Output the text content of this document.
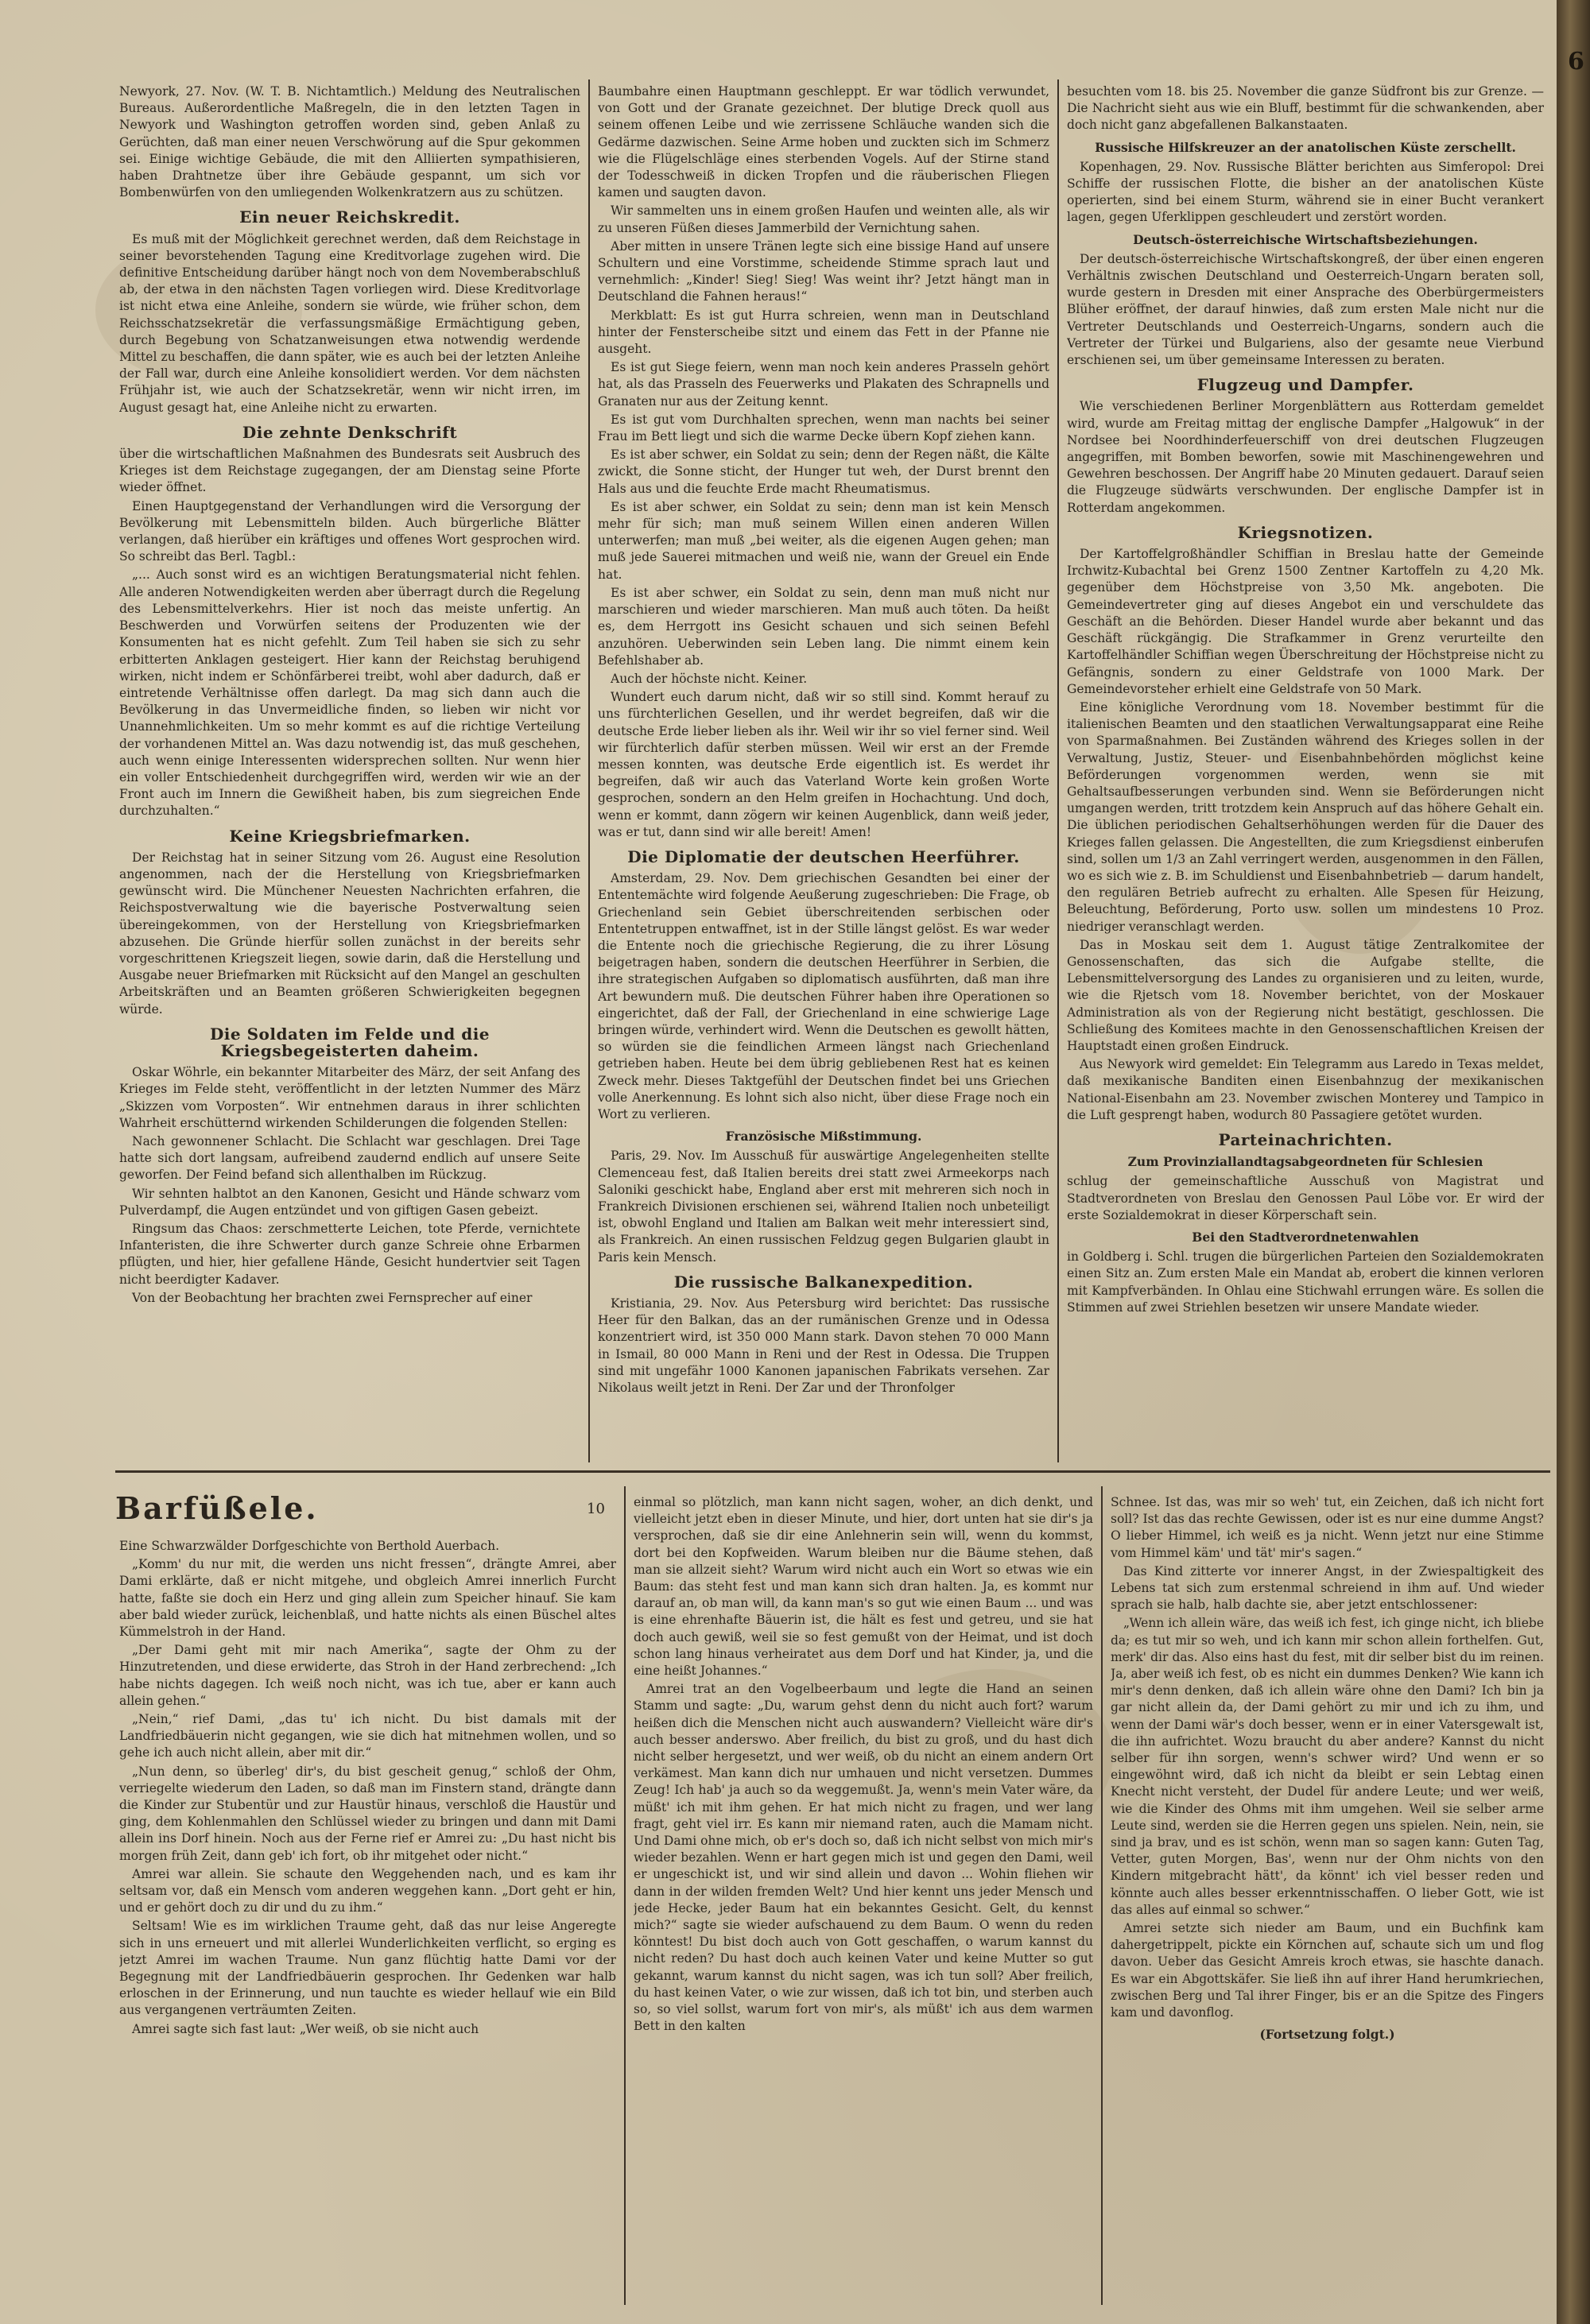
Newyork, 27. Nov. (W. T. B. Nichtamtlich.) Meldung des Neutralischen Bureaus. Außerordentliche Maßregeln, die in den letzten Tagen in Newyork und Washington getroffen worden sind, geben Anlaß zu Gerüchten, daß man einer neuen Verschwörung auf die Spur gekommen sei. Einige wichtige Gebäude, die mit den Alliierten sympathisieren, haben Drahtnetze über ihre Gebäude gespannt, um sich vor Bombenwürfen von den umliegenden Wolkenkratzern aus zu schützen.

Ein neuer Reichskredit.

Es muß mit der Möglichkeit gerechnet werden, daß dem Reichstage in seiner bevorstehenden Tagung eine Kreditvorlage zugehen wird. Die definitive Entscheidung darüber hängt noch von dem Novemberabschluß ab, der etwa in den nächsten Tagen vorliegen wird. Diese Kreditvorlage ist nicht etwa eine Anleihe, sondern sie würde, wie früher schon, dem Reichsschatzsekretär die verfassungsmäßige Ermächtigung geben, durch Begebung von Schatzanweisungen etwa notwendig werdende Mittel zu beschaffen, die dann später, wie es auch bei der letzten Anleihe der Fall war, durch eine Anleihe konsolidiert werden. Vor dem nächsten Frühjahr ist, wie auch der Schatzsekretär, wenn wir nicht irren, im August gesagt hat, eine Anleihe nicht zu erwarten.

Die zehnte Denkschrift

über die wirtschaftlichen Maßnahmen des Bundesrats seit Ausbruch des Krieges ist dem Reichstage zugegangen, der am Dienstag seine Pforte wieder öffnet.

Einen Hauptgegenstand der Verhandlungen wird die Versorgung der Bevölkerung mit Lebensmitteln bilden. Auch bürgerliche Blätter verlangen, daß hierüber ein kräftiges und offenes Wort gesprochen wird. So schreibt das Berl. Tagbl.:

„... Auch sonst wird es an wichtigen Beratungsmaterial nicht fehlen. Alle anderen Notwendigkeiten werden aber überragt durch die Regelung des Lebensmittelverkehrs. Hier ist noch das meiste unfertig. An Beschwerden und Vorwürfen seitens der Produzenten wie der Konsumenten hat es nicht gefehlt. Zum Teil haben sie sich zu sehr erbitterten Anklagen gesteigert. Hier kann der Reichstag beruhigend wirken, nicht indem er Schönfärberei treibt, wohl aber dadurch, daß er eintretende Verhältnisse offen darlegt. Da mag sich dann auch die Bevölkerung in das Unvermeidliche finden, so lieben wir nicht vor Unannehmlichkeiten. Um so mehr kommt es auf die richtige Verteilung der vorhandenen Mittel an. Was dazu notwendig ist, das muß geschehen, auch wenn einige Interessenten widersprechen sollten. Nur wenn hier ein voller Entschiedenheit durchgegriffen wird, werden wir wie an der Front auch im Innern die Gewißheit haben, bis zum siegreichen Ende durchzuhalten.“

Keine Kriegsbriefmarken.

Der Reichstag hat in seiner Sitzung vom 26. August eine Resolution angenommen, nach der die Herstellung von Kriegsbriefmarken gewünscht wird. Die Münchener Neuesten Nachrichten erfahren, die Reichspostverwaltung wie die bayerische Postverwaltung seien übereingekommen, von der Herstellung von Kriegsbriefmarken abzusehen. Die Gründe hierfür sollen zunächst in der bereits sehr vorgeschrittenen Kriegszeit liegen, sowie darin, daß die Herstellung und Ausgabe neuer Briefmarken mit Rücksicht auf den Mangel an geschulten Arbeitskräften und an Beamten größeren Schwierigkeiten begegnen würde.

Die Soldaten im Felde und die Kriegsbegeisterten daheim.

Oskar Wöhrle, ein bekannter Mitarbeiter des März, der seit Anfang des Krieges im Felde steht, veröffentlicht in der letzten Nummer des März „Skizzen vom Vorposten“. Wir entnehmen daraus in ihrer schlichten Wahrheit erschütternd wirkenden Schilderungen die folgenden Stellen:

Nach gewonnener Schlacht. Die Schlacht war geschlagen. Drei Tage hatte sich dort langsam, aufreibend zaudernd endlich auf unsere Seite geworfen. Der Feind befand sich allenthalben im Rückzug.

Wir sehnten halbtot an den Kanonen, Gesicht und Hände schwarz vom Pulverdampf, die Augen entzündet und von giftigen Gasen gebeizt.

Ringsum das Chaos: zerschmetterte Leichen, tote Pferde, vernichtete Infanteristen, die ihre Schwerter durch ganze Schreie ohne Erbarmen pflügten, und hier, hier gefallene Hände, Gesicht hundertvier seit Tagen nicht beerdigter Kadaver.

Von der Beobachtung her brachten zwei Fernsprecher auf einer

Baumbahre einen Hauptmann geschleppt. Er war tödlich verwundet, von Gott und der Granate gezeichnet. Der blutige Dreck quoll aus seinem offenen Leibe und wie zerrissene Schläuche wanden sich die Gedärme dazwischen. Seine Arme hoben und zuckten sich im Schmerz wie die Flügelschläge eines sterbenden Vogels. Auf der Stirne stand der Todesschweiß in dicken Tropfen und die räuberischen Fliegen kamen und saugten davon.

Wir sammelten uns in einem großen Haufen und weinten alle, als wir zu unseren Füßen dieses Jammerbild der Vernichtung sahen.

Aber mitten in unsere Tränen legte sich eine bissige Hand auf unsere Schultern und eine Vorstimme, scheidende Stimme sprach laut und vernehmlich: „Kinder! Sieg! Sieg! Was weint ihr? Jetzt hängt man in Deutschland die Fahnen heraus!“

Merkblatt: Es ist gut Hurra schreien, wenn man in Deutschland hinter der Fensterscheibe sitzt und einem das Fett in der Pfanne nie ausgeht.

Es ist gut Siege feiern, wenn man noch kein anderes Prasseln gehört hat, als das Prasseln des Feuerwerks und Plakaten des Schrapnells und Granaten nur aus der Zeitung kennt.

Es ist gut vom Durchhalten sprechen, wenn man nachts bei seiner Frau im Bett liegt und sich die warme Decke übern Kopf ziehen kann.

Es ist aber schwer, ein Soldat zu sein; denn der Regen näßt, die Kälte zwickt, die Sonne sticht, der Hunger tut weh, der Durst brennt den Hals aus und die feuchte Erde macht Rheumatismus.

Es ist aber schwer, ein Soldat zu sein; denn man ist kein Mensch mehr für sich; man muß seinem Willen einen anderen Willen unterwerfen; man muß „bei weiter, als die eigenen Augen gehen; man muß jede Sauerei mitmachen und weiß nie, wann der Greuel ein Ende hat.

Es ist aber schwer, ein Soldat zu sein, denn man muß nicht nur marschieren und wieder marschieren. Man muß auch töten. Da heißt es, dem Herrgott ins Gesicht schauen und sich seinen Befehl anzuhören. Ueberwinden sein Leben lang. Die nimmt einem kein Befehlshaber ab.

Auch der höchste nicht. Keiner.

Wundert euch darum nicht, daß wir so still sind. Kommt herauf zu uns fürchterlichen Gesellen, und ihr werdet begreifen, daß wir die deutsche Erde lieber lieben als ihr. Weil wir ihr so viel ferner sind. Weil wir fürchterlich dafür sterben müssen. Weil wir erst an der Fremde messen konnten, was deutsche Erde eigentlich ist. Es werdet ihr begreifen, daß wir auch das Vaterland Worte kein großen Worte gesprochen, sondern an den Helm greifen in Hochachtung. Und doch, wenn er kommt, dann zögern wir keinen Augenblick, dann weiß jeder, was er tut, dann sind wir alle bereit! Amen!

Die Diplomatie der deutschen Heerführer.

Amsterdam, 29. Nov. Dem griechischen Gesandten bei einer der Ententemächte wird folgende Aeußerung zugeschrieben: Die Frage, ob Griechenland sein Gebiet überschreitenden serbischen oder Ententetruppen entwaffnet, ist in der Stille längst gelöst. Es war weder die Entente noch die griechische Regierung, die zu ihrer Lösung beigetragen haben, sondern die deutschen Heerführer in Serbien, die ihre strategischen Aufgaben so diplomatisch ausführten, daß man ihre Art bewundern muß. Die deutschen Führer haben ihre Operationen so eingerichtet, daß der Fall, der Griechenland in eine schwierige Lage bringen würde, verhindert wird. Wenn die Deutschen es gewollt hätten, so würden sie die feindlichen Armeen längst nach Griechenland getrieben haben. Heute bei dem übrig gebliebenen Rest hat es keinen Zweck mehr. Dieses Taktgefühl der Deutschen findet bei uns Griechen volle Anerkennung. Es lohnt sich also nicht, über diese Frage noch ein Wort zu verlieren.

Französische Mißstimmung.

Paris, 29. Nov. Im Ausschuß für auswärtige Angelegenheiten stellte Clemenceau fest, daß Italien bereits drei statt zwei Armeekorps nach Saloniki geschickt habe, England aber erst mit mehreren sich noch in Frankreich Divisionen erschienen sei, während Italien noch unbeteiligt ist, obwohl England und Italien am Balkan weit mehr interessiert sind, als Frankreich. An einen russischen Feldzug gegen Bulgarien glaubt in Paris kein Mensch.

Die russische Balkanexpedition.

Kristiania, 29. Nov. Aus Petersburg wird berichtet: Das russische Heer für den Balkan, das an der rumänischen Grenze und in Odessa konzentriert wird, ist 350 000 Mann stark. Davon stehen 70 000 Mann in Ismail, 80 000 Mann in Reni und der Rest in Odessa. Die Truppen sind mit ungefähr 1000 Kanonen japanischen Fabrikats versehen. Zar Nikolaus weilt jetzt in Reni. Der Zar und der Thronfolger

besuchten vom 18. bis 25. November die ganze Südfront bis zur Grenze. — Die Nachricht sieht aus wie ein Bluff, bestimmt für die schwankenden, aber doch nicht ganz abgefallenen Balkanstaaten.

Russische Hilfskreuzer an der anatolischen Küste zerschellt.

Kopenhagen, 29. Nov. Russische Blätter berichten aus Simferopol: Drei Schiffe der russischen Flotte, die bisher an der anatolischen Küste operierten, sind bei einem Sturm, während sie in einer Bucht verankert lagen, gegen Uferklippen geschleudert und zerstört worden.

Deutsch-österreichische Wirtschaftsbeziehungen.

Der deutsch-österreichische Wirtschaftskongreß, der über einen engeren Verhältnis zwischen Deutschland und Oesterreich-Ungarn beraten soll, wurde gestern in Dresden mit einer Ansprache des Oberbürgermeisters Blüher eröffnet, der darauf hinwies, daß zum ersten Male nicht nur die Vertreter Deutschlands und Oesterreich-Ungarns, sondern auch die Vertreter der Türkei und Bulgariens, also der gesamte neue Vierbund erschienen sei, um über gemeinsame Interessen zu beraten.

Flugzeug und Dampfer.

Wie verschiedenen Berliner Morgenblättern aus Rotterdam gemeldet wird, wurde am Freitag mittag der englische Dampfer „Halgowuk“ in der Nordsee bei Noordhinderfeuerschiff von drei deutschen Flugzeugen angegriffen, mit Bomben beworfen, sowie mit Maschinengewehren und Gewehren beschossen. Der Angriff habe 20 Minuten gedauert. Darauf seien die Flugzeuge südwärts verschwunden. Der englische Dampfer ist in Rotterdam angekommen.

Kriegsnotizen.

Der Kartoffelgroßhändler Schiffian in Breslau hatte der Gemeinde Irchwitz-Kubachtal bei Grenz 1500 Zentner Kartoffeln zu 4,20 Mk. gegenüber dem Höchstpreise von 3,50 Mk. angeboten. Die Gemeindevertreter ging auf dieses Angebot ein und verschuldete das Geschäft an die Behörden. Dieser Handel wurde aber bekannt und das Geschäft rückgängig. Die Strafkammer in Grenz verurteilte den Kartoffelhändler Schiffian wegen Überschreitung der Höchstpreise nicht zu Gefängnis, sondern zu einer Geldstrafe von 1000 Mark. Der Gemeindevorsteher erhielt eine Geldstrafe von 50 Mark.

Eine königliche Verordnung vom 18. November bestimmt für die italienischen Beamten und den staatlichen Verwaltungsapparat eine Reihe von Sparmaßnahmen. Bei Zuständen während des Krieges sollen in der Verwaltung, Justiz, Steuer- und Eisenbahnbehörden möglichst keine Beförderungen vorgenommen werden, wenn sie mit Gehaltsaufbesserungen verbunden sind. Wenn sie Beförderungen nicht umgangen werden, tritt trotzdem kein Anspruch auf das höhere Gehalt ein. Die üblichen periodischen Gehaltserhöhungen werden für die Dauer des Krieges fallen gelassen. Die Angestellten, die zum Kriegsdienst einberufen sind, sollen um 1/3 an Zahl verringert werden, ausgenommen in den Fällen, wo es sich wie z. B. im Schuldienst und Eisenbahnbetrieb — darum handelt, den regulären Betrieb aufrecht zu erhalten. Alle Spesen für Heizung, Beleuchtung, Beförderung, Porto usw. sollen um mindestens 10 Proz. niedriger veranschlagt werden.

Das in Moskau seit dem 1. August tätige Zentralkomitee der Genossenschaften, das sich die Aufgabe stellte, die Lebensmittelversorgung des Landes zu organisieren und zu leiten, wurde, wie die Rjetsch vom 18. November berichtet, von der Moskauer Administration als von der Regierung nicht bestätigt, geschlossen. Die Schließung des Komitees machte in den Genossenschaftlichen Kreisen der Hauptstadt einen großen Eindruck.

Aus Newyork wird gemeldet: Ein Telegramm aus Laredo in Texas meldet, daß mexikanische Banditen einen Eisenbahnzug der mexikanischen National-Eisenbahn am 23. November zwischen Monterey und Tampico in die Luft gesprengt haben, wodurch 80 Passagiere getötet wurden.

Parteinachrichten.
Zum Provinziallandtagsabgeordneten für Schlesien

schlug der gemeinschaftliche Ausschuß von Magistrat und Stadtverordneten von Breslau den Genossen Paul Löbe vor. Er wird der erste Sozialdemokrat in dieser Körperschaft sein.

Bei den Stadtverordnetenwahlen

in Goldberg i. Schl. trugen die bürgerlichen Parteien den Sozialdemokraten einen Sitz an. Zum ersten Male ein Mandat ab, erobert die kinnen verloren mit Kampfverbänden. In Ohlau eine Stichwahl errungen wäre. Es sollen die Stimmen auf zwei Striehlen besetzen wir unsere Mandate wieder.

Barfüßele.	10

Eine Schwarzwälder Dorfgeschichte von Berthold Auerbach.

„Komm' du nur mit, die werden uns nicht fressen“, drängte Amrei, aber Dami erklärte, daß er nicht mitgehe, und obgleich Amrei innerlich Furcht hatte, faßte sie doch ein Herz und ging allein zum Speicher hinauf. Sie kam aber bald wieder zurück, leichenblaß, und hatte nichts als einen Büschel altes Kümmelstroh in der Hand.

„Der Dami geht mit mir nach Amerika“, sagte der Ohm zu der Hinzutretenden, und diese erwiderte, das Stroh in der Hand zerbrechend: „Ich habe nichts dagegen. Ich weiß noch nicht, was ich tue, aber er kann auch allein gehen.“

„Nein,“ rief Dami, „das tu' ich nicht. Du bist damals mit der Landfriedbäuerin nicht gegangen, wie sie dich hat mitnehmen wollen, und so gehe ich auch nicht allein, aber mit dir.“

„Nun denn, so überleg' dir's, du bist gescheit genug,“ schloß der Ohm, verriegelte wiederum den Laden, so daß man im Finstern stand, drängte dann die Kinder zur Stubentür und zur Haustür hinaus, verschloß die Haustür und ging, dem Kohlenmahlen den Schlüssel wieder zu bringen und dann mit Dami allein ins Dorf hinein. Noch aus der Ferne rief er Amrei zu: „Du hast nicht bis morgen früh Zeit, dann geb' ich fort, ob ihr mitgehet oder nicht.“

Amrei war allein. Sie schaute den Weggehenden nach, und es kam ihr seltsam vor, daß ein Mensch vom anderen weggehen kann. „Dort geht er hin, und er gehört doch zu dir und du zu ihm.“

Seltsam! Wie es im wirklichen Traume geht, daß das nur leise Angeregte sich in uns erneuert und mit allerlei Wunderlichkeiten verflicht, so erging es jetzt Amrei im wachen Traume. Nun ganz flüchtig hatte Dami vor der Begegnung mit der Landfriedbäuerin gesprochen. Ihr Gedenken war halb erloschen in der Erinnerung, und nun tauchte es wieder hellauf wie ein Bild aus vergangenen verträumten Zeiten.

Amrei sagte sich fast laut: „Wer weiß, ob sie nicht auch

einmal so plötzlich, man kann nicht sagen, woher, an dich denkt, und vielleicht jetzt eben in dieser Minute, und hier, dort unten hat sie dir's ja versprochen, daß sie dir eine Anlehnerin sein will, wenn du kommst, dort bei den Kopfweiden. Warum bleiben nur die Bäume stehen, daß man sie allzeit sieht? Warum wird nicht auch ein Wort so etwas wie ein Baum: das steht fest und man kann sich dran halten. Ja, es kommt nur darauf an, ob man will, da kann man's so gut wie einen Baum ... und was is eine ehrenhafte Bäuerin ist, die hält es fest und getreu, und sie hat doch auch gewiß, weil sie so fest gemußt von der Heimat, und ist doch schon lang hinaus verheiratet aus dem Dorf und hat Kinder, ja, und die eine heißt Johannes.“

Amrei trat an den Vogelbeerbaum und legte die Hand an seinen Stamm und sagte: „Du, warum gehst denn du nicht auch fort? warum heißen dich die Menschen nicht auch auswandern? Vielleicht wäre dir's auch besser anderswo. Aber freilich, du bist zu groß, und du hast dich nicht selber hergesetzt, und wer weiß, ob du nicht an einem andern Ort verkämest. Man kann dich nur umhauen und nicht versetzen. Dummes Zeug! Ich hab' ja auch so da weggemußt. Ja, wenn's mein Vater wäre, da müßt' ich mit ihm gehen. Er hat mich nicht zu fragen, und wer lang fragt, geht viel irr. Es kann mir niemand raten, auch die Mamam nicht. Und Dami ohne mich, ob er's doch so, daß ich nicht selbst von mich mir's wieder bezahlen. Wenn er hart gegen mich ist und gegen den Dami, weil er ungeschickt ist, und wir sind allein und davon ... Wohin fliehen wir dann in der wilden fremden Welt? Und hier kennt uns jeder Mensch und jede Hecke, jeder Baum hat ein bekanntes Gesicht. Gelt, du kennst mich?“ sagte sie wieder aufschauend zu dem Baum. O wenn du reden könntest! Du bist doch auch von Gott geschaffen, o warum kannst du nicht reden? Du hast doch auch keinen Vater und keine Mutter so gut gekannt, warum kannst du nicht sagen, was ich tun soll? Aber freilich, du hast keinen Vater, o wie zur wissen, daß ich tot bin, und sterben auch so, so viel sollst, warum fort von mir's, als müßt' ich aus dem warmen Bett in den kalten

Schnee. Ist das, was mir so weh' tut, ein Zeichen, daß ich nicht fort soll? Ist das das rechte Gewissen, oder ist es nur eine dumme Angst? O lieber Himmel, ich weiß es ja nicht. Wenn jetzt nur eine Stimme vom Himmel käm' und tät' mir's sagen.“

Das Kind zitterte vor innerer Angst, in der Zwiespaltigkeit des Lebens tat sich zum erstenmal schreiend in ihm auf. Und wieder sprach sie halb, halb dachte sie, aber jetzt entschlossener:

„Wenn ich allein wäre, das weiß ich fest, ich ginge nicht, ich bliebe da; es tut mir so weh, und ich kann mir schon allein forthelfen. Gut, merk' dir das. Also eins hast du fest, mit dir selber bist du im reinen. Ja, aber weiß ich fest, ob es nicht ein dummes Denken? Wie kann ich mir's denn denken, daß ich allein wäre ohne den Dami? Ich bin ja gar nicht allein da, der Dami gehört zu mir und ich zu ihm, und wenn der Dami wär's doch besser, wenn er in einer Vatersgewalt ist, die ihn aufrichtet. Wozu braucht du aber andere? Kannst du nicht selber für ihn sorgen, wenn's schwer wird? Und wenn er so eingewöhnt wird, daß ich nicht da bleibt er sein Lebtag einen Knecht nicht versteht, der Dudel für andere Leute; und wer weiß, wie die Kinder des Ohms mit ihm umgehen. Weil sie selber arme Leute sind, werden sie die Herren gegen uns spielen. Nein, nein, sie sind ja brav, und es ist schön, wenn man so sagen kann: Guten Tag, Vetter, guten Morgen, Bas', wenn nur der Ohm nichts von den Kindern mitgebracht hätt', da könnt' ich viel besser reden und könnte auch alles besser erkenntnisschaffen. O lieber Gott, wie ist das alles auf einmal so schwer.“

Amrei setzte sich nieder am Baum, und ein Buchfink kam dahergetrippelt, pickte ein Körnchen auf, schaute sich um und flog davon. Ueber das Gesicht Amreis kroch etwas, sie haschte danach. Es war ein Abgottskäfer. Sie ließ ihn auf ihrer Hand herumkriechen, zwischen Berg und Tal ihrer Finger, bis er an die Spitze des Fingers kam und davonflog.

(Fortsetzung folgt.)
6
